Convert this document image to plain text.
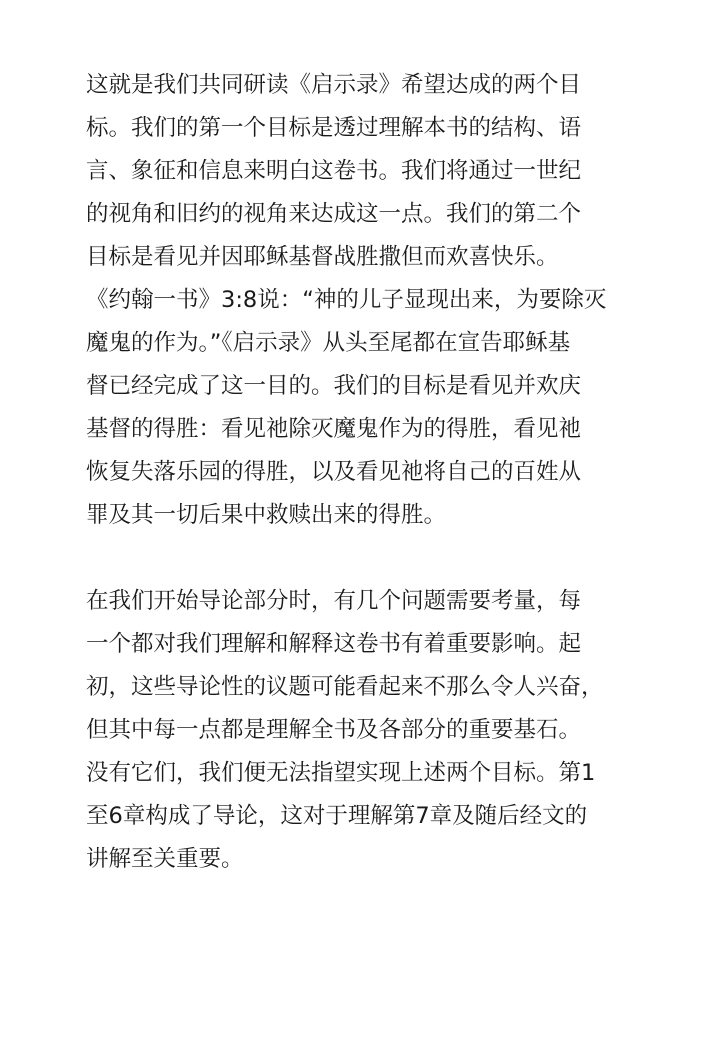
这就是我们共同研读《启示录》希望达成的两个目
标。我们的第一个目标是透过理解本书的结构、语
言、象征和信息来明白这卷书。我们将通过一世纪
的视角和旧约的视角来达成这一点。我们的第二个
目标是看见并因耶稣基督战胜撒但而欢喜快乐。
《约翰一书》3:8说：“神的儿子显现出来，为要除灭
魔鬼的作为。”《启示录》从头至尾都在宣告耶稣基
督已经完成了这一目的。我们的目标是看见并欢庆
基督的得胜：看见祂除灭魔鬼作为的得胜，看见祂
恢复失落乐园的得胜，以及看见祂将自己的百姓从
罪及其一切后果中救赎出来的得胜。

在我们开始导论部分时，有几个问题需要考量，每
一个都对我们理解和解释这卷书有着重要影响。起
初，这些导论性的议题可能看起来不那么令人兴奋，
但其中每一点都是理解全书及各部分的重要基石。
没有它们，我们便无法指望实现上述两个目标。第1
至6章构成了导论，这对于理解第7章及随后经文的
讲解至关重要。
